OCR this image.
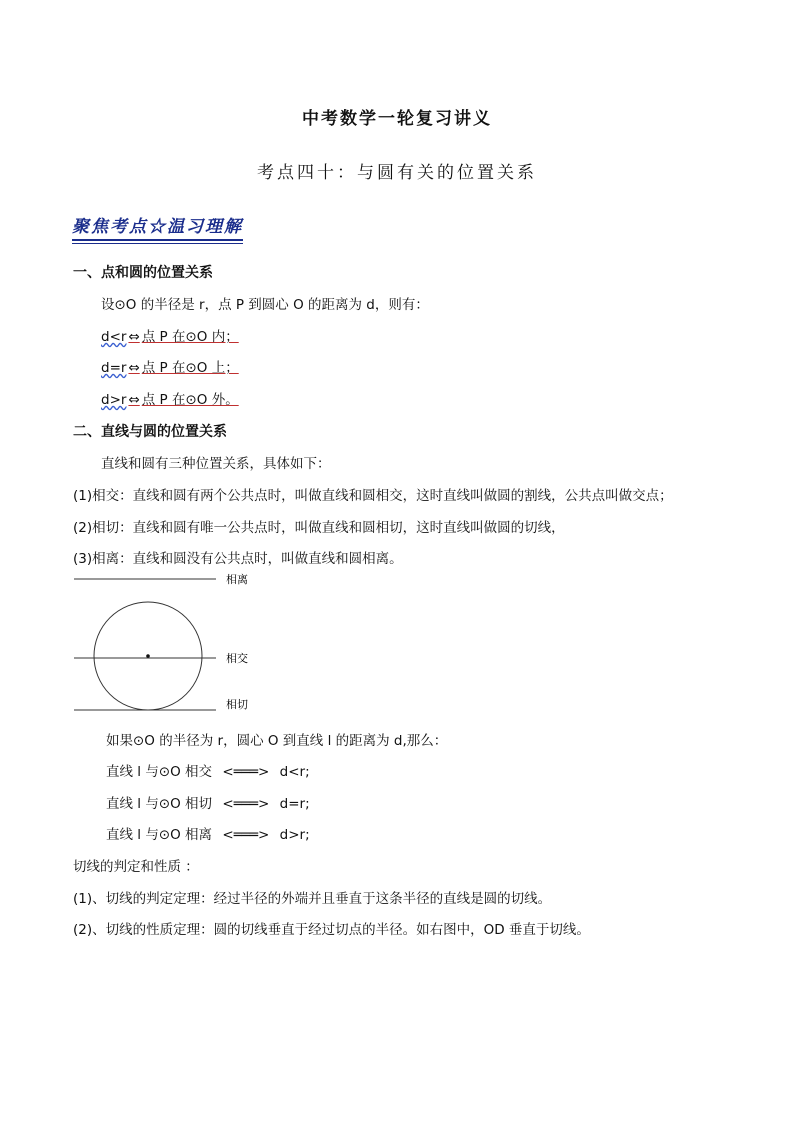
中考数学一轮复习讲义
考点四十：与圆有关的位置关系
聚焦考点☆温习理解
一、点和圆的位置关系
设⊙O 的半径是 r，点 P 到圆心 O 的距离为 d，则有：
d<r ⇔ 点 P 在⊙O 内；
d=r ⇔ 点 P 在⊙O 上；
d>r ⇔ 点 P 在⊙O 外。
二、直线与圆的位置关系
直线和圆有三种位置关系，具体如下：
(1)相交：直线和圆有两个公共点时，叫做直线和圆相交，这时直线叫做圆的割线，公共点叫做交点；
(2)相切：直线和圆有唯一公共点时，叫做直线和圆相切，这时直线叫做圆的切线，
(3)相离：直线和圆没有公共点时，叫做直线和圆相离。
相离
相交
相切
如果⊙O 的半径为 r，圆心 O 到直线 l 的距离为 d,那么：
直线 l 与⊙O 相交 <═══> d<r;
直线 l 与⊙O 相切 <═══> d=r;
直线 l 与⊙O 相离 <═══> d>r;
切线的判定和性质 ：
(1)、切线的判定定理：经过半径的外端并且垂直于这条半径的直线是圆的切线。
(2)、切线的性质定理：圆的切线垂直于经过切点的半径。如右图中，OD 垂直于切线。
